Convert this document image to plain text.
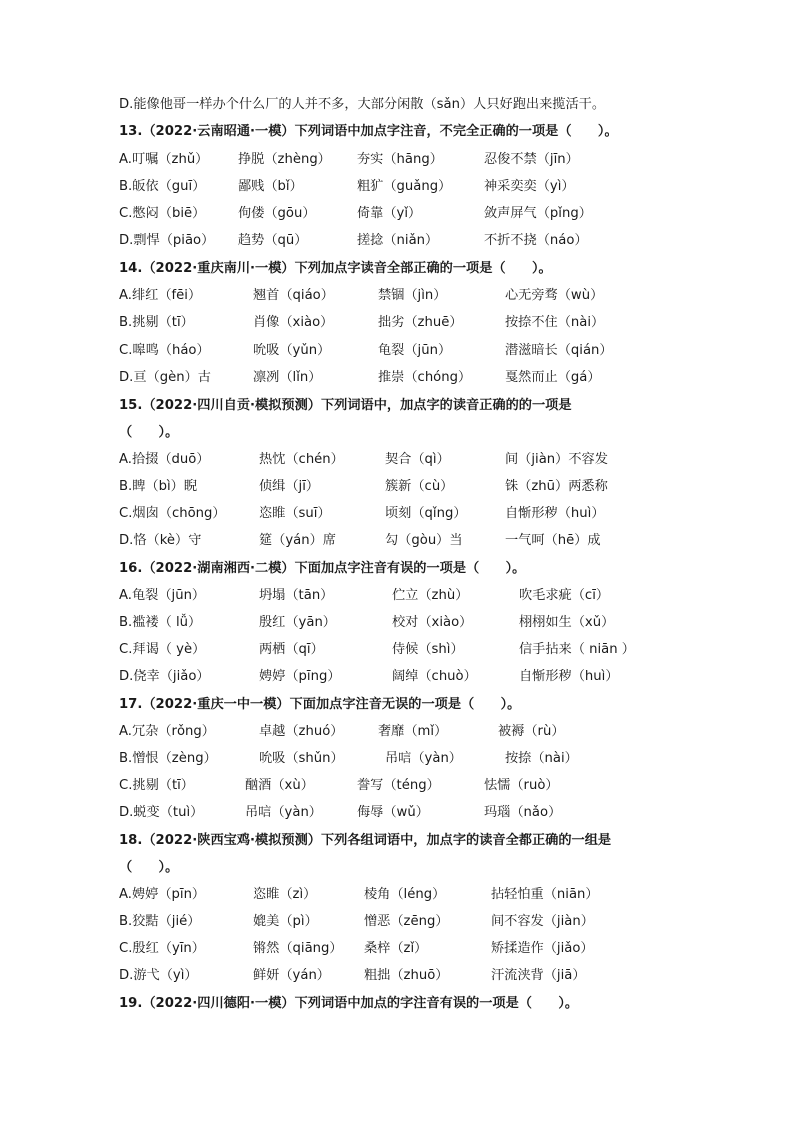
D.能像他哥一样办个什么厂的人并不多，大部分闲散（sǎn）人只好跑出来揽活干。
13.（2022·云南昭通·一模）下列词语中加点字注音，不完全正确的一项是（　　）。
A.叮嘱（zhǔ） 挣脱（zhèng） 夯实（hāng）	忍俊不禁（jīn）
B.皈依（guī） 鄙贱（bǐ）	粗犷（guǎng） 神采奕奕（yì）
C.憋闷（biē） 佝偻（gōu）	倚靠（yǐ）	敛声屏气（pǐng）
D.剽悍（piāo） 趋势（qū）	搓捻（niǎn）	不折不挠（náo）
14.（2022·重庆南川·一模）下列加点字读音全部正确的一项是（　　）。
A.绯红（fēi）	翘首（qiáo）	禁锢（jìn）	心无旁骛（wù）
B.挑剔（tī）	肖像（xiào）	拙劣（zhuē）	按捺不住（nài）
C.嗥鸣（háo）	吮吸（yǔn）	龟裂（jūn）	潜滋暗长（qián）
D.亘（gèn）古	凛冽（lǐn）	推崇（chóng）	戛然而止（gá）
15.（2022·四川自贡·模拟预测）下列词语中，加点字的读音正确的的一项是
（　　）。
A.拾掇（duō）	热忱（chén）	契合（qì）	间（jiàn）不容发
B.睥（bì）睨	侦缉（jī）	簇新（cù）	铢（zhū）两悉称
C.烟囱（chōng）	恣睢（suī）	顷刻（qǐng）	自惭形秽（huì）
D.恪（kè）守	筵（yán）席	勾（gòu）当	一气呵（hē）成
16.（2022·湖南湘西·二模）下面加点字注音有误的一项是（　　）。
A.龟裂（jūn）	坍塌（tān）	伫立（zhù）	吹毛求疵（cī）
B.褴褛（ lǚ）	殷红（yān）	校对（xiào）	栩栩如生（xǔ）
C.拜谒（ yè）	两栖（qī）	侍候（shì）	信手拈来（ niān ）
D.侥幸（jiǎo）	娉婷（pīng）	阔绰（chuò）	自惭形秽（huì）
17.（2022·重庆一中一模）下面加点字注音无误的一项是（　　）。
A.冗杂（rǒng）	卓越（zhuó）	奢靡（mǐ）	被褥（rù）
B.憎恨（zèng）	吮吸（shǔn）	吊唁（yàn）	按捺（nài）
C.挑剔（tī）	酗酒（xù）	誊写（téng）	怯懦（ruò）
D.蜕变（tuì）	吊唁（yàn）	侮辱（wǔ）	玛瑙（nǎo）
18.（2022·陕西宝鸡·模拟预测）下列各组词语中，加点字的读音全都正确的一组是
（　　）。
A.娉婷（pīn）	恣睢（zì）	棱角（léng）	拈轻怕重（niān）
B.狡黠（jié）	媲美（pì）	憎恶（zēng）	间不容发（jiàn）
C.殷红（yīn）	锵然（qiāng） 桑梓（zǐ）	矫揉造作（jiǎo）
D.游弋（yì）	鲜妍（yán）	粗拙（zhuō）	汗流浃背（jiā）
19.（2022·四川德阳·一模）下列词语中加点的字注音有误的一项是（　　）。
